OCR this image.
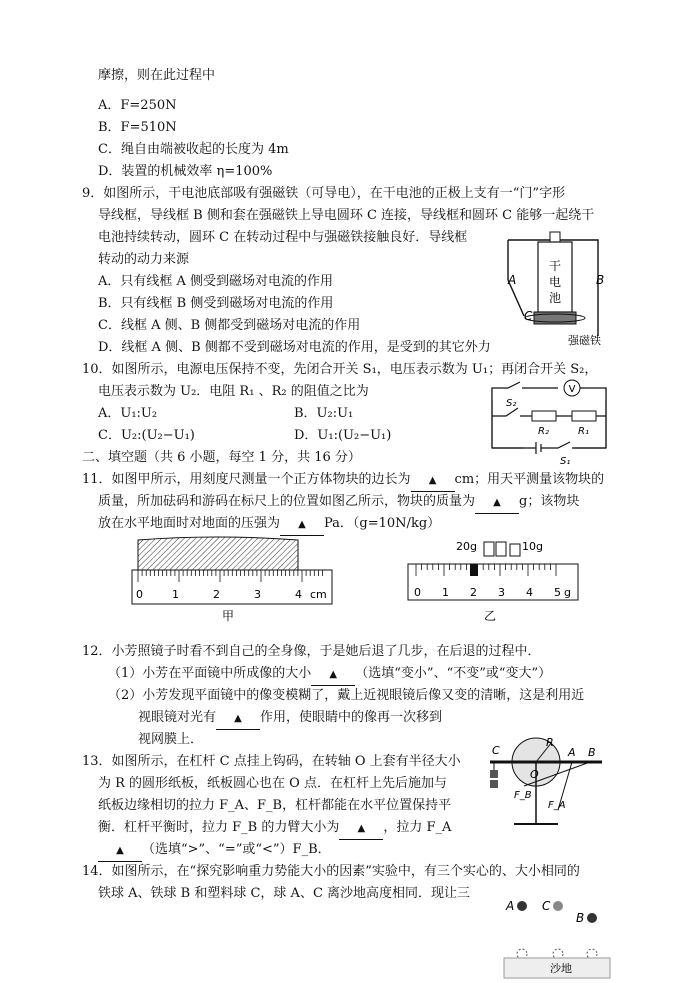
摩擦，则在此过程中
A．F=250N
B．F=510N
C．绳自由端被收起的长度为 4m
D．装置的机械效率 η=100%
9．如图所示，干电池底部吸有强磁铁（可导电），在干电池的正极上支有一“门”字形
导线框，导线框 B 侧和套在强磁铁上导电圆环 C 连接，导线框和圆环 C 能够一起绕干
电池持续转动，圆环 C 在转动过程中与强磁铁接触良好．导线框
转动的动力来源
A．只有线框 A 侧受到磁场对电流的作用
B．只有线框 B 侧受到磁场对电流的作用
C．线框 A 侧、B 侧都受到磁场对电流的作用
D．线框 A 侧、B 侧都不受到磁场对电流的作用，是受到的其它外力
干
电
池
A	B
C
强磁铁
10．如图所示，电源电压保持不变，先闭合开关 S₁，电压表示数为 U₁；再闭合开关 S₂，
电压表示数为 U₂．电阻 R₁ 、R₂ 的阻值之比为
A．U₁:U₂	B．U₂:U₁
C．U₂:(U₂−U₁)	D．U₁:(U₂−U₁)
V
S₂
R₂	R₁
S₁
二、填空题（共 6 小题，每空 1 分，共 16 分）
11．如图甲所示，用刻度尺测量一个正方体物块的边长为 ▲ cm；用天平测量该物块的
质量，所加砝码和游码在标尺上的位置如图乙所示，物块的质量为 ▲ g；该物块
放在水平地面时对地面的压强为 ▲ Pa．（g=10N/kg）
0	1	2	3	4 cm
甲
20g	10g
0 1 2 3 4 5 g
乙
12．小芳照镜子时看不到自己的全身像，于是她后退了几步，在后退的过程中．
（1）小芳在平面镜中所成像的大小 ▲ （选填“变小”、“不变”或“变大”）
（2）小芳发现平面镜中的像变模糊了，戴上近视眼镜后像又变的清晰，这是利用近
视眼镜对光有 ▲ 作用，使眼睛中的像再一次移到
视网膜上．
13．如图所示，在杠杆 C 点挂上钩码，在转轴 O 上套有半径大小
为 R 的圆形纸板，纸板圆心也在 O 点．在杠杆上先后施加与
纸板边缘相切的拉力 F_A、F_B，杠杆都能在水平位置保持平
衡．杠杆平衡时，拉力 F_B 的力臂大小为 ▲ ，拉力 F_A
▲ （选填“>”、“=”或“<”）F_B．
C
R
A B
O
F_B
F_A
14．如图所示，在“探究影响重力势能大小的因素”实验中，有三个实心的、大小相同的
铁球 A、铁球 B 和塑料球 C，球 A、C 离沙地高度相同．现让三
A C
B
沙地
